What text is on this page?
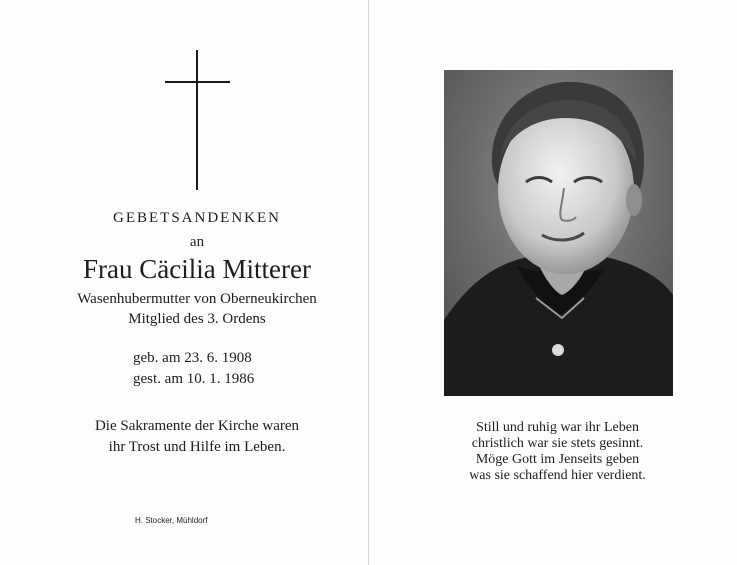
GEBETSANDENKEN
an
Frau Cäcilia Mitterer
Wasenhubermutter von Oberneukirchen
Mitglied des 3. Ordens
geb. am 23. 6. 1908
gest. am 10. 1. 1986
Die Sakramente der Kirche waren
ihr Trost und Hilfe im Leben.
H. Stocker, Mühldorf
Still und ruhig war ihr Leben
christlich war sie stets gesinnt.
Möge Gott im Jenseits geben
was sie schaffend hier verdient.
